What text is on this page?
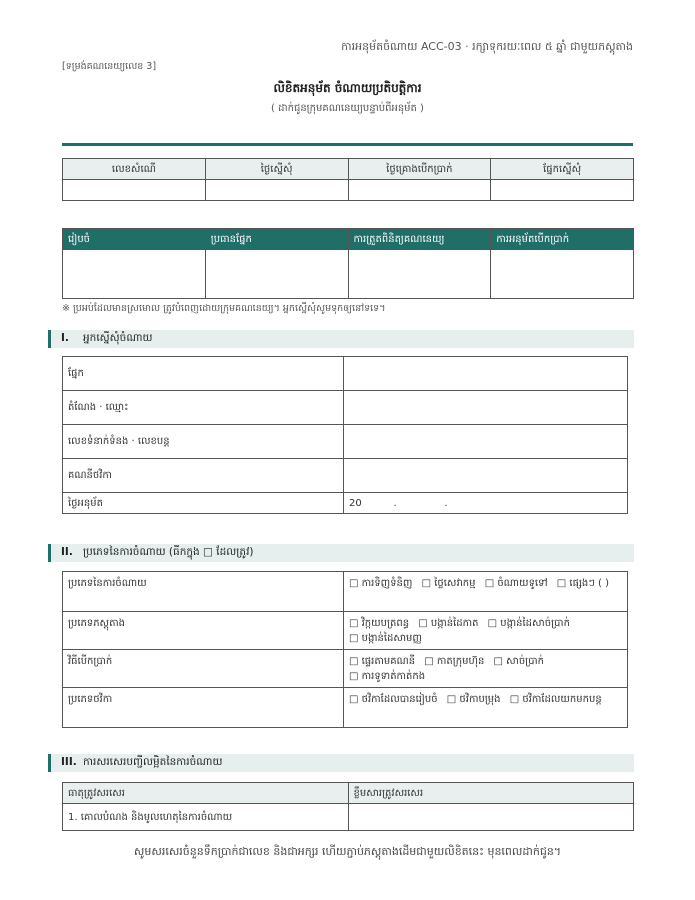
ការអនុម័តចំណាយ ACC-03 · រក្សាទុករយៈពេល ៥ ឆ្នាំ ជាមួយភស្តុតាង
[ទម្រង់គណនេយ្យលេខ 3]
លិខិតអនុម័ត ចំណាយប្រតិបត្តិការ
( ដាក់ជូនក្រុមគណនេយ្យបន្ទាប់ពីអនុម័ត )
លេខសំណើ	ថ្ងៃស្នើសុំ	ថ្ងៃគ្រោងបើកប្រាក់	ផ្នែកស្នើសុំ

រៀបចំ	ប្រធានផ្នែក	ការត្រួតពិនិត្យគណនេយ្យ	ការអនុម័តបើកប្រាក់

※ ប្រអប់ដែលមានស្រមោល ត្រូវបំពេញដោយក្រុមគណនេយ្យ។ អ្នកស្នើសុំសូមទុកឲ្យនៅទទេ។
I. អ្នកស្នើសុំចំណាយ
ផ្នែក	
តំណែង · ឈ្មោះ	
លេខទំនាក់ទំនង · លេខបន្ត	
គណនីថវិកា	
ថ្ងៃអនុម័ត	20          .               .
II. ប្រភេទនៃការចំណាយ (ធីកក្នុង □ ដែលត្រូវ)
ប្រភេទនៃការចំណាយ	□ ការទិញទំនិញ □ ថ្លៃសេវាកម្ម □ ចំណាយទូទៅ □ ផ្សេងៗ ( )
ប្រភេទភស្តុតាង	□ វិក្កយបត្រពន្ធ □ បង្កាន់ដៃកាត □ បង្កាន់ដៃសាច់ប្រាក់ □ បង្កាន់ដៃសាមញ្ញ
វិធីបើកប្រាក់	□ ផ្ទេរតាមគណនី □ កាតក្រុមហ៊ុន □ សាច់ប្រាក់ □ ការទូទាត់កាត់កង
ប្រភេទថវិកា	□ ថវិកាដែលបានរៀបចំ □ ថវិកាបម្រុង □ ថវិកាដែលយកមកបន្ត
III. ការសរសេរបញ្ជីលម្អិតនៃការចំណាយ
ធាតុត្រូវសរសេរ	ខ្លឹមសារត្រូវសរសេរ
1. គោលបំណង និងមូលហេតុនៃការចំណាយ	
សូមសរសេរចំនួនទឹកប្រាក់ជាលេខ និងជាអក្សរ ហើយភ្ជាប់ភស្តុតាងដើមជាមួយលិខិតនេះ មុនពេលដាក់ជូន។
